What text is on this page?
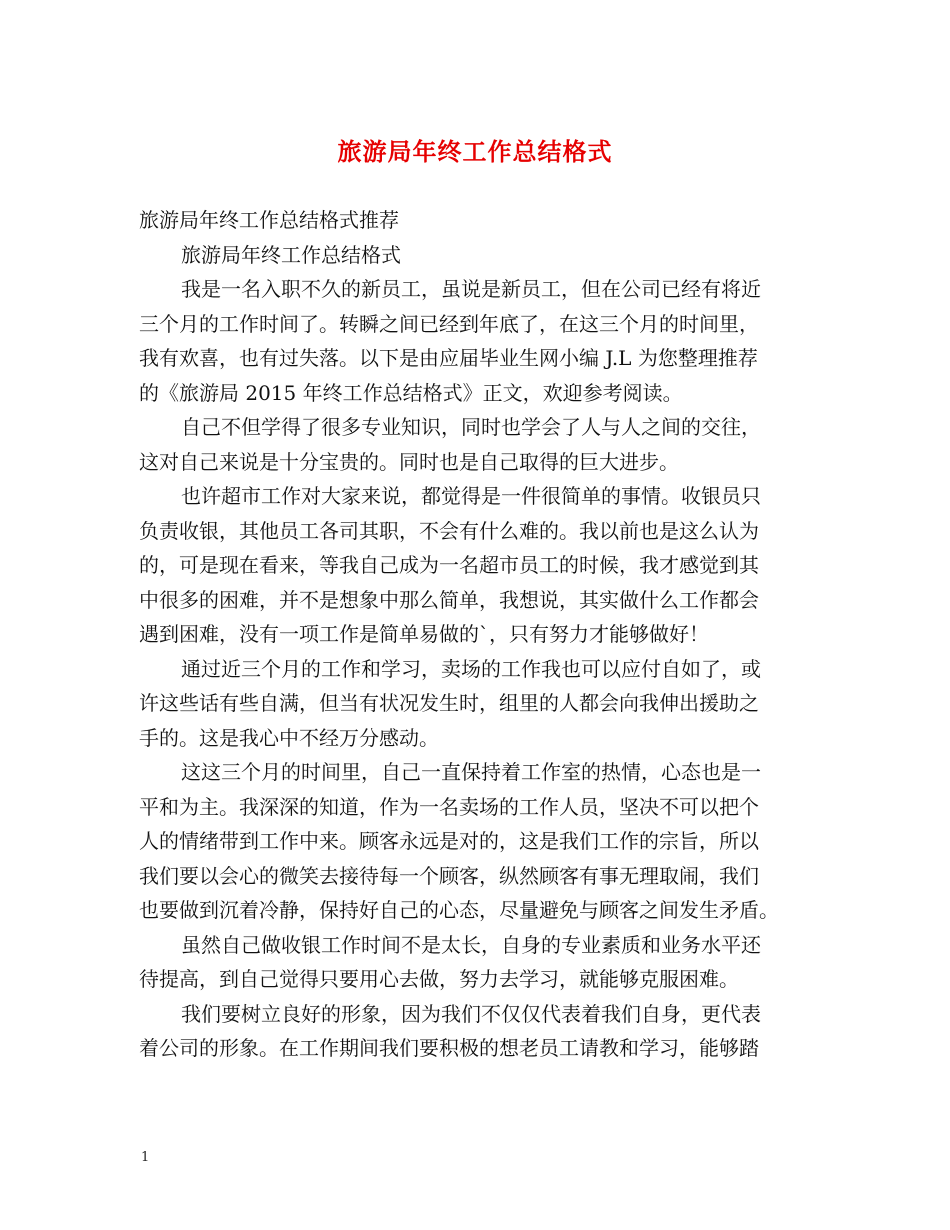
旅游局年终工作总结格式
旅游局年终工作总结格式推荐
旅游局年终工作总结格式
我是一名入职不久的新员工，虽说是新员工，但在公司已经有将近
三个月的工作时间了。转瞬之间已经到年底了，在这三个月的时间里，
我有欢喜，也有过失落。以下是由应届毕业生网小编 J.L 为您整理推荐
的《旅游局 2015 年终工作总结格式》正文，欢迎参考阅读。
自己不但学得了很多专业知识，同时也学会了人与人之间的交往，
这对自己来说是十分宝贵的。同时也是自己取得的巨大进步。
也许超市工作对大家来说，都觉得是一件很简单的事情。收银员只
负责收银，其他员工各司其职，不会有什么难的。我以前也是这么认为
的，可是现在看来，等我自己成为一名超市员工的时候，我才感觉到其
中很多的困难，并不是想象中那么简单，我想说，其实做什么工作都会
遇到困难，没有一项工作是简单易做的`，只有努力才能够做好！
通过近三个月的工作和学习，卖场的工作我也可以应付自如了，或
许这些话有些自满，但当有状况发生时，组里的人都会向我伸出援助之
手的。这是我心中不经万分感动。
这这三个月的时间里，自己一直保持着工作室的热情，心态也是一
平和为主。我深深的知道，作为一名卖场的工作人员，坚决不可以把个
人的情绪带到工作中来。顾客永远是对的，这是我们工作的宗旨，所以
我们要以会心的微笑去接待每一个顾客，纵然顾客有事无理取闹，我们
也要做到沉着冷静，保持好自己的心态，尽量避免与顾客之间发生矛盾。
虽然自己做收银工作时间不是太长，自身的专业素质和业务水平还
待提高，到自己觉得只要用心去做，努力去学习，就能够克服困难。
我们要树立良好的形象，因为我们不仅仅代表着我们自身，更代表
着公司的形象。在工作期间我们要积极的想老员工请教和学习，能够踏
1
